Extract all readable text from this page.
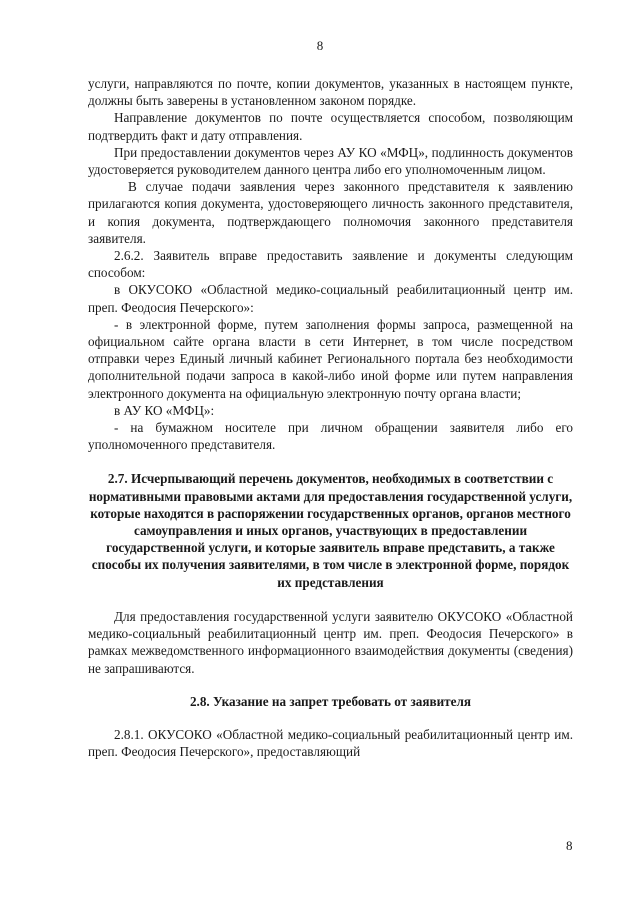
8

услуги, направляются по почте, копии документов, указанных в настоящем пункте, должны быть заверены в установленном законом порядке.

Направление документов по почте осуществляется способом, позволяющим подтвердить факт и дату отправления.

При предоставлении документов через АУ КО «МФЦ», подлинность документов удостоверяется руководителем данного центра либо его уполномоченным лицом.

В случае подачи заявления через законного представителя к заявлению прилагаются копия документа, удостоверяющего личность законного представителя, и копия документа, подтверждающего полномочия законного представителя заявителя.

2.6.2. Заявитель вправе предоставить заявление и документы следующим способом:

в ОКУСОКО «Областной медико-социальный реабилитационный центр им. преп. Феодосия Печерского»:

- в электронной форме, путем заполнения формы запроса, размещенной на официальном сайте органа власти в сети Интернет, в том числе посредством отправки через Единый личный кабинет Регионального портала без необходимости дополнительной подачи запроса в какой-либо иной форме или путем направления электронного документа на официальную электронную почту органа власти;

в АУ КО «МФЦ»:

- на бумажном носителе при личном обращении заявителя либо его уполномоченного представителя.

2.7. Исчерпывающий перечень документов, необходимых в соответствии с нормативными правовыми актами для предоставления государственной услуги, которые находятся в распоряжении государственных органов, органов местного самоуправления и иных органов, участвующих в предоставлении государственной услуги, и которые заявитель вправе представить, а также способы их получения заявителями, в том числе в электронной форме, порядок их представления

Для предоставления государственной услуги заявителю ОКУСОКО «Областной медико-социальный реабилитационный центр им. преп. Феодосия Печерского» в рамках межведомственного информационного взаимодействия документы (сведения) не запрашиваются.

2.8. Указание на запрет требовать от заявителя

2.8.1. ОКУСОКО «Областной медико-социальный реабилитационный центр им. преп. Феодосия Печерского», предоставляющий

8
